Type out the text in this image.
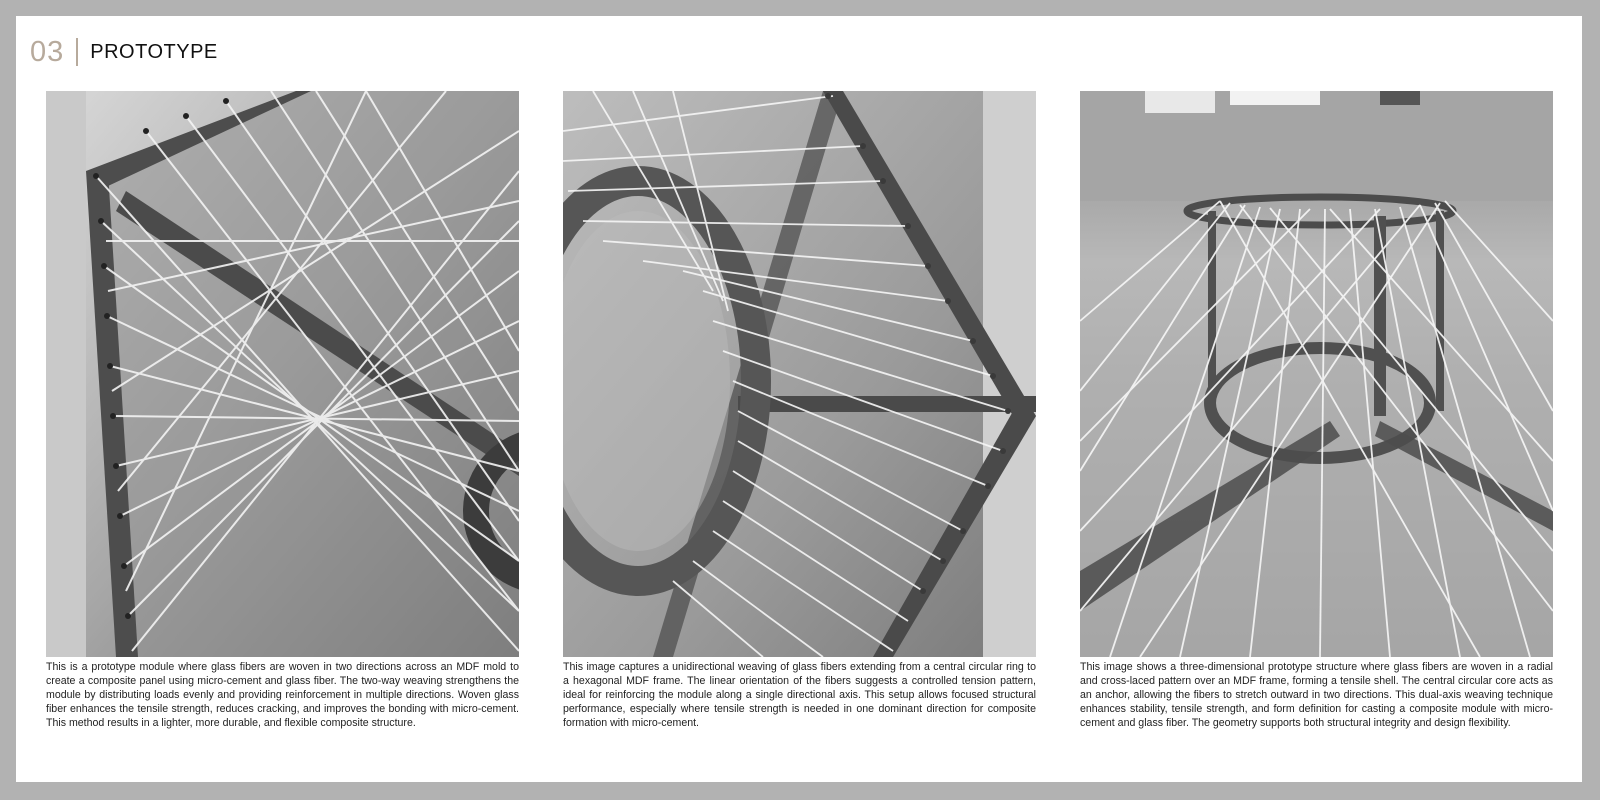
03 PROTOTYPE
This is a prototype module where glass fibers are woven in two directions across an MDF mold to create a composite panel using micro-cement and glass fiber. The two-way weaving strengthens the module by distributing loads evenly and providing reinforcement in multiple directions. Woven glass fiber enhances the tensile strength, reduces cracking, and improves the bonding with micro-cement. This method results in a lighter, more durable, and flexible composite structure.
This image captures a unidirectional weaving of glass fibers extending from a central circular ring to a hexagonal MDF frame. The linear orientation of the fibers suggests a controlled tension pattern, ideal for reinforcing the module along a single directional axis. This setup allows focused structural performance, especially where tensile strength is needed in one dominant direction for composite formation with micro-cement.
This image shows a three-dimensional prototype structure where glass fibers are woven in a radial and cross-laced pattern over an MDF frame, forming a tensile shell. The central circular core acts as an anchor, allowing the fibers to stretch outward in two directions. This dual-axis weaving technique enhances stability, tensile strength, and form definition for casting a composite module with micro-cement and glass fiber. The geometry supports both structural integrity and design flexibility.
